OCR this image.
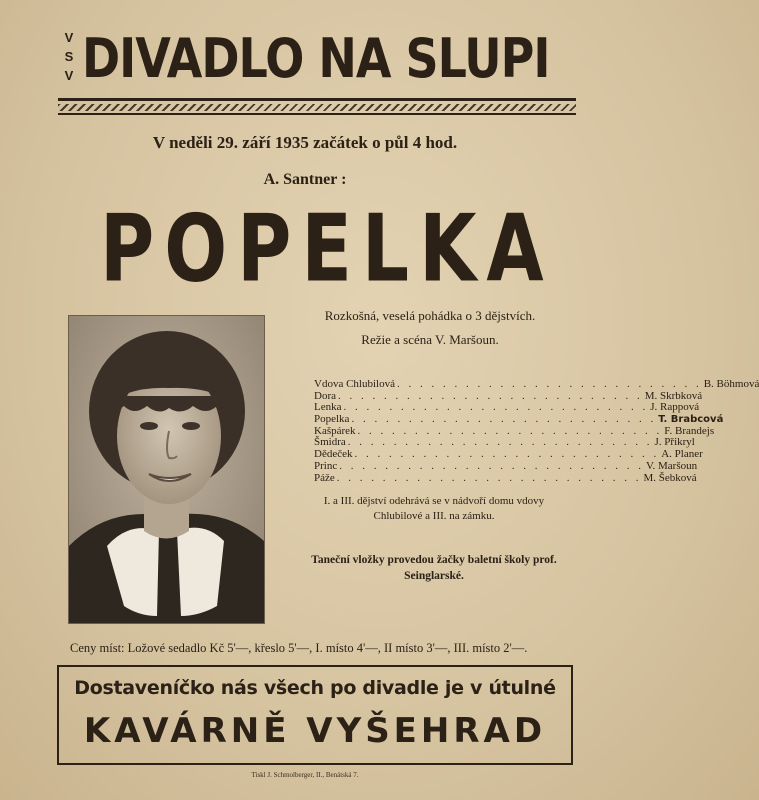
V
S
V DIVADLO NA SLUPI
V neděli 29. září 1935 začátek o půl 4 hod.
A. Santner :
POPELKA
Rozkošná, veselá pohádka o 3 dějstvích.
Režie a scéna V. Maršoun.
Vdova Chlubilová . . . . . . . . . . . . . . . . . . . . . . . . . . . B. Böhmová
Dora . . . . . . . . . . . . . . . . . . . . . . . . . . . M. Skrbková
Lenka . . . . . . . . . . . . . . . . . . . . . . . . . . . J. Rappová
Popelka . . . . . . . . . . . . . . . . . . . . . . . . . . . T. Brabcová
Kašpárek . . . . . . . . . . . . . . . . . . . . . . . . . . . F. Brandejs
Šmidra . . . . . . . . . . . . . . . . . . . . . . . . . . . J. Přikryl
Dědeček . . . . . . . . . . . . . . . . . . . . . . . . . . . A. Planer
Princ . . . . . . . . . . . . . . . . . . . . . . . . . . . V. Maršoun
Páže . . . . . . . . . . . . . . . . . . . . . . . . . . . M. Šebková
I. a III. dějství odehrává se v nádvoří domu vdovy Chlubilové a III. na zámku.
Taneční vložky provedou žačky baletní školy prof. Seinglarské.
Ceny míst: Ložové sedadlo Kč 5'—, křeslo 5'—, I. místo 4'—, II místo 3'—, III. místo 2'—.
Dostaveníčko nás všech po divadle je v útulné
KAVÁRNĚ VYŠEHRAD
Tiskl J. Schmolberger, II., Benátská 7.
